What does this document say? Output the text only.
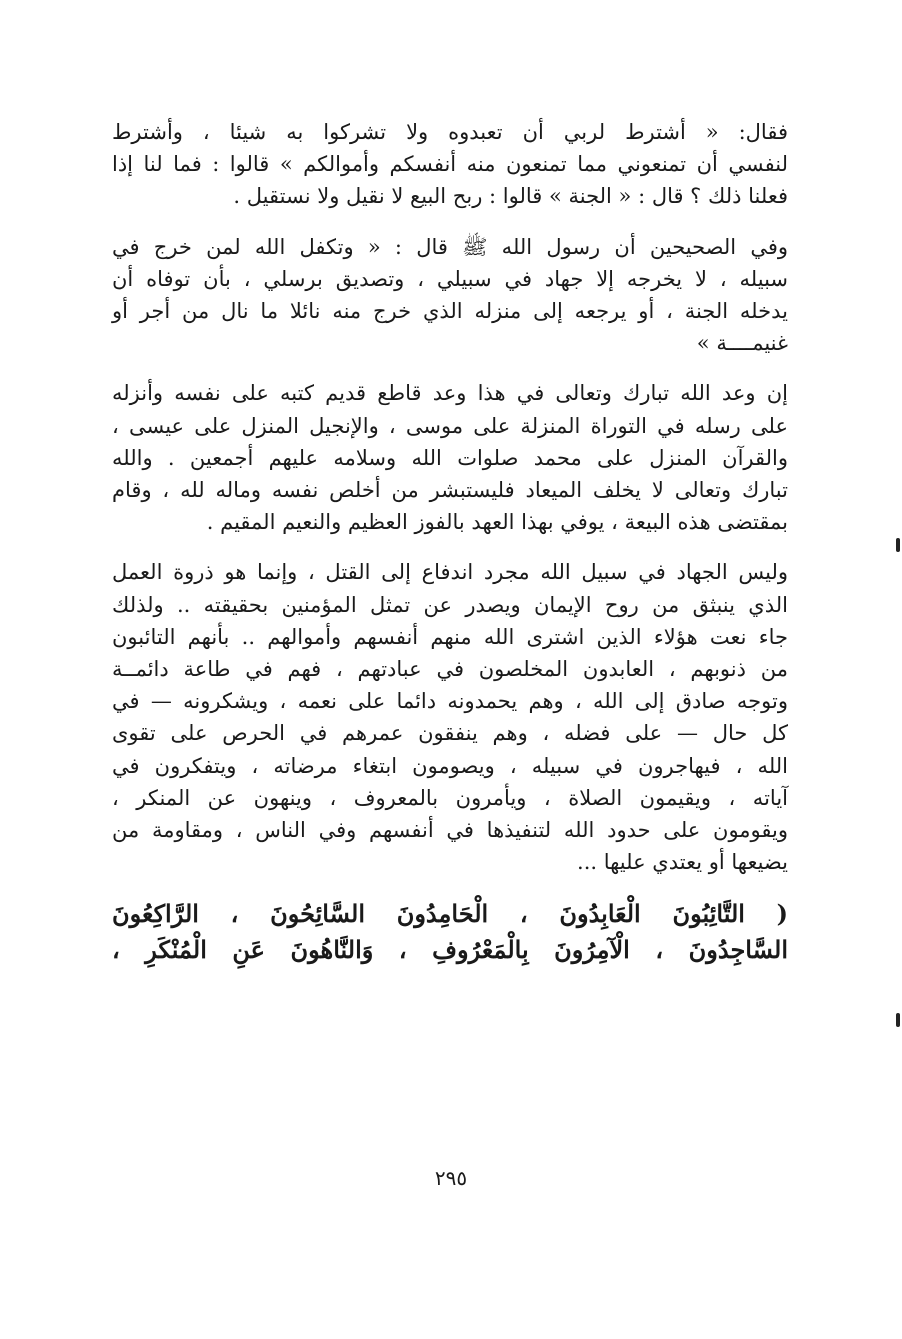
فقال: « أشترط لربي أن تعبدوه ولا تشركوا به شيئا ، وأشترط
لنفسي أن تمنعوني مما تمنعون منه أنفسكم وأموالكم » قالوا : فما لنا إذا
فعلنا ذلك ؟ قال : « الجنة » قالوا : ربح البيع لا نقيل ولا نستقيل .
وفي الصحيحين أن رسول الله ﷺ قال : « وتكفل الله لمن خرج في
سبيله ، لا يخرجه إلا جهاد في سبيلي ، وتصديق برسلي ، بأن توفاه أن
يدخله الجنة ، أو يرجعه إلى منزله الذي خرج منه نائلا ما نال من أجر أو
غنيمــــة »
إن وعد الله تبارك وتعالى في هذا وعد قاطع قديم كتبه على نفسه وأنزله
على رسله في التوراة المنزلة على موسى ، والإنجيل المنزل على عيسى ،
والقرآن المنزل على محمد صلوات الله وسلامه عليهم أجمعين . والله
تبارك وتعالى لا يخلف الميعاد فليستبشر من أخلص نفسه وماله لله ، وقام
بمقتضى هذه البيعة ، يوفي بهذا العهد بالفوز العظيم والنعيم المقيم .
وليس الجهاد في سبيل الله مجرد اندفاع إلى القتل ، وإنما هو ذروة العمل
الذي ينبثق من روح الإيمان ويصدر عن تمثل المؤمنين بحقيقته .. ولذلك
جاء نعت هؤلاء الذين اشترى الله منهم أنفسهم وأموالهم .. بأنهم التائبون
من ذنوبهم ، العابدون المخلصون في عبادتهم ، فهم في طاعة دائمــة
وتوجه صادق إلى الله ، وهم يحمدونه دائما على نعمه ، ويشكرونه — في
كل حال — على فضله ، وهم ينفقون عمرهم في الحرص على تقوى
الله ، فيهاجرون في سبيله ، ويصومون ابتغاء مرضاته ، ويتفكرون في
آياته ، ويقيمون الصلاة ، ويأمرون بالمعروف ، وينهون عن المنكر ،
ويقومون على حدود الله لتنفيذها في أنفسهم وفي الناس ، ومقاومة من
يضيعها أو يعتدي عليها ...
( التَّائِبُونَ الْعَابِدُونَ ، الْحَامِدُونَ السَّائِحُونَ ، الرَّاكِعُونَ
السَّاجِدُونَ ، الْآمِرُونَ بِالْمَعْرُوفِ ، وَالنَّاهُونَ عَنِ الْمُنْكَرِ ،
٢٩٥
